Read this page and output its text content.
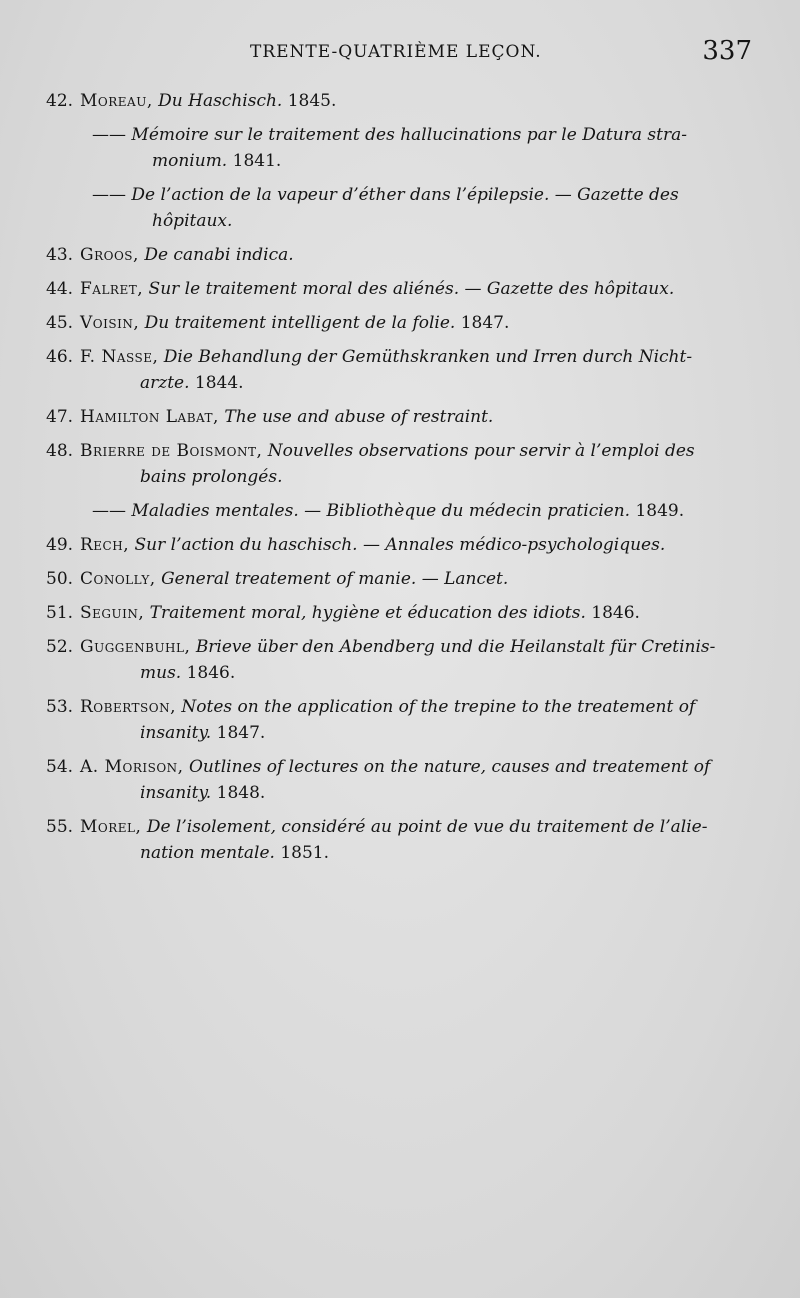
TRENTE-QUATRIÈME LEÇON.	337
42. Moreau, Du Haschisch. 1845.
—— Mémoire sur le traitement des hallucinations par le Datura stra-
monium. 1841.
—— De l’action de la vapeur d’éther dans l’épilepsie. — Gazette des
hôpitaux.
43. Groos, De canabi indica.
44. Falret, Sur le traitement moral des aliénés. — Gazette des hôpitaux.
45. Voisin, Du traitement intelligent de la folie. 1847.
46. F. Nasse, Die Behandlung der Gemüthskranken und Irren durch Nicht-
arzte. 1844.
47. Hamilton Labat, The use and abuse of restraint.
48. Brierre de Boismont, Nouvelles observations pour servir à l’emploi des
bains prolongés.
—— Maladies mentales. — Bibliothèque du médecin praticien. 1849.
49. Rech, Sur l’action du haschisch. — Annales médico-psychologiques.
50. Conolly, General treatement of manie. — Lancet.
51. Seguin, Traitement moral, hygiène et éducation des idiots. 1846.
52. Guggenbuhl, Brieve über den Abendberg und die Heilanstalt für Cretinis-
mus. 1846.
53. Robertson, Notes on the application of the trepine to the treatement of
insanity. 1847.
54. A. Morison, Outlines of lectures on the nature, causes and treatement of
insanity. 1848.
55. Morel, De l’isolement, considéré au point de vue du traitement de l’alie-
nation mentale. 1851.
